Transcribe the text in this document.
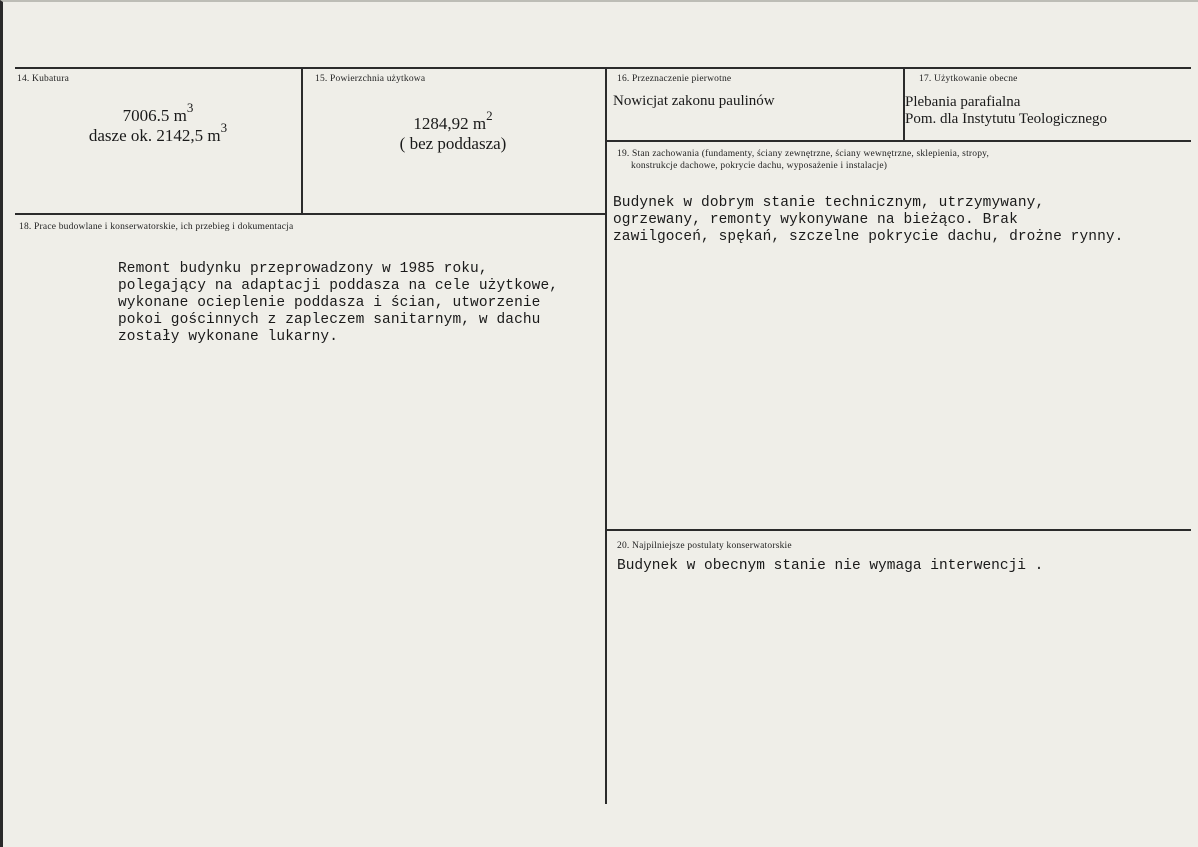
14. Kubatura
7006.5 $m^3$
dasze ok. 2142,5 $m^3$
15. Powierzchnia użytkowa
1284,92 $m^2$
( bez poddasza)
16. Przeznaczenie pierwotne
Nowicjat zakonu paulinów
17. Użytkowanie obecne
Plebania parafialna
Pom. dla Instytutu Teologicznego
19. Stan zachowania (fundamenty, ściany zewnętrzne, ściany wewnętrzne, sklepienia, stropy,
konstrukcje dachowe, pokrycie dachu, wyposażenie i instalacje)
Budynek w dobrym stanie technicznym, utrzymywany,
ogrzewany, remonty wykonywane na bieżąco. Brak
zawilgoceń, spękań, szczelne pokrycie dachu, drożne rynny.
18. Prace budowlane i konserwatorskie, ich przebieg i dokumentacja
Remont budynku przeprowadzony w 1985 roku,
polegający na adaptacji poddasza na cele użytkowe,
wykonane ocieplenie poddasza i ścian, utworzenie
pokoi gościnnych z zapleczem sanitarnym, w dachu
zostały wykonane lukarny.
20. Najpilniejsze postulaty konserwatorskie
Budynek w obecnym stanie nie wymaga interwencji .
